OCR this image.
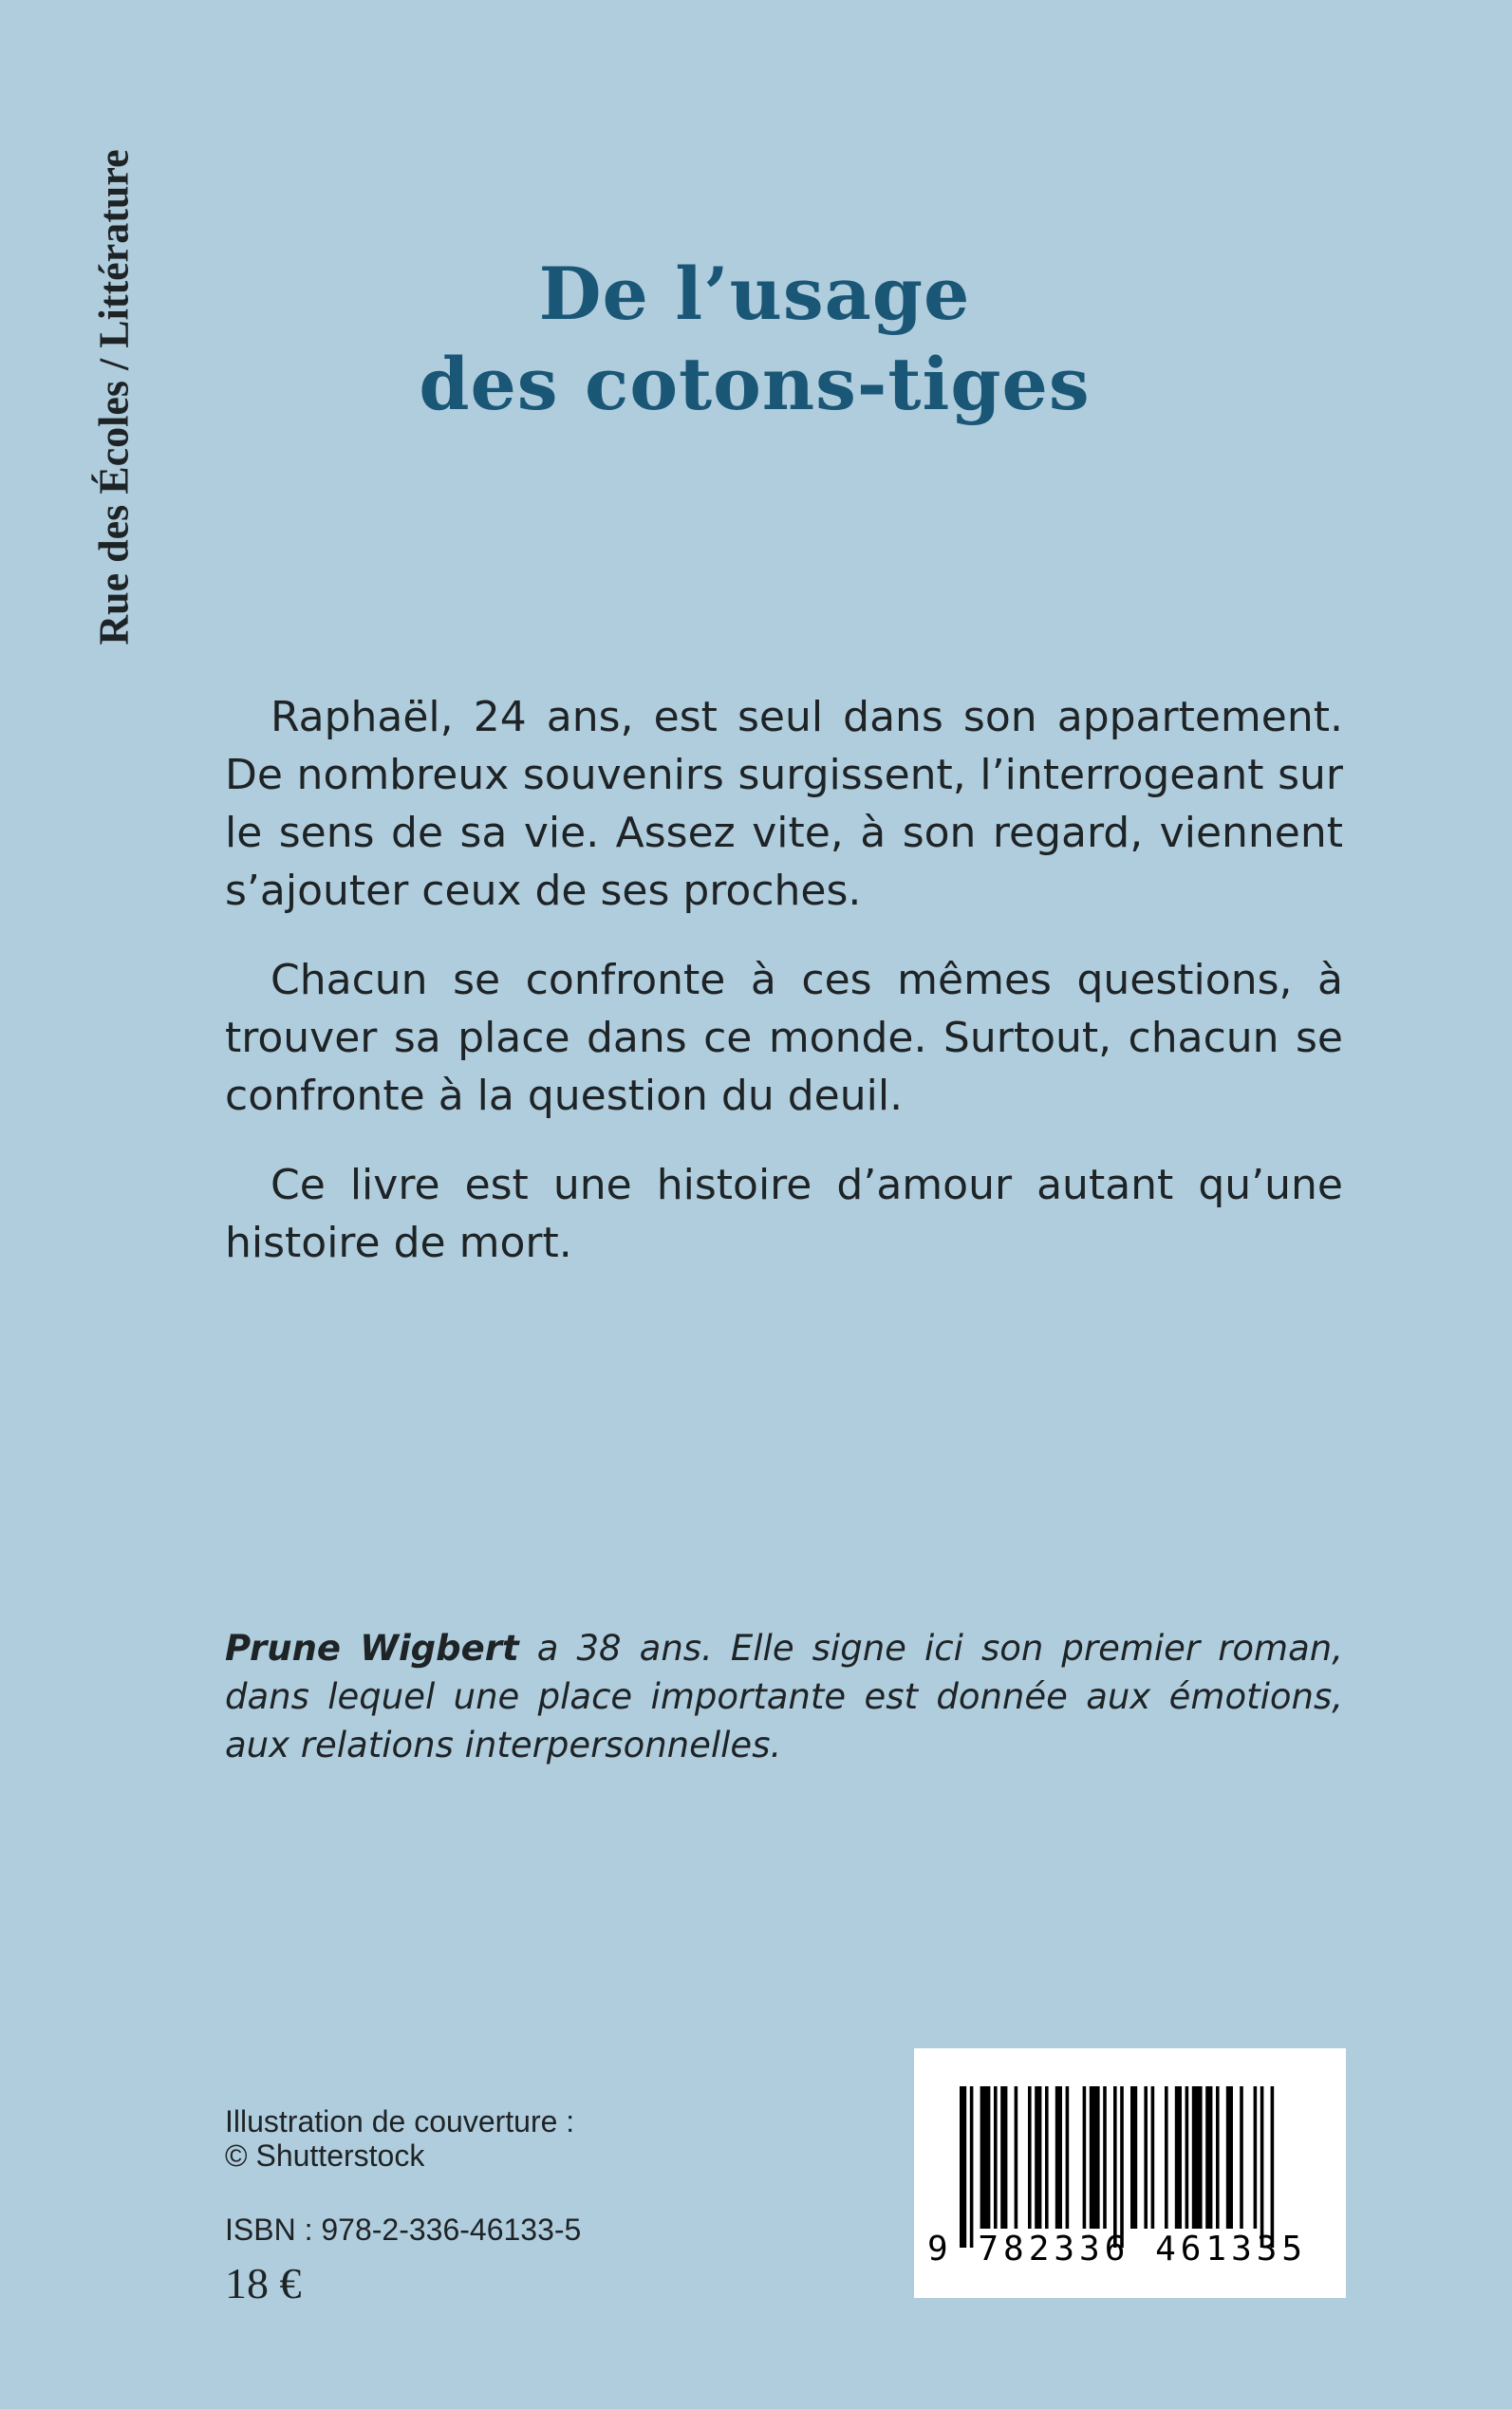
Rue des Écoles / Littérature	De l’usage
des cotons-tiges

Raphaël, 24 ans, est seul dans son appartement. De nombreux souvenirs surgissent, l’interrogeant sur le sens de sa vie. Assez vite, à son regard, viennent s’ajouter ceux de ses proches.

Chacun se confronte à ces mêmes questions, à trouver sa place dans ce monde. Surtout, chacun se confronte à la question du deuil.

Ce livre est une histoire d’amour autant qu’une histoire de mort.

Prune Wigbert a 38 ans. Elle signe ici son premier roman, dans lequel une place importante est donnée aux émotions, aux relations interpersonnelles.
Illustration de couverture :
© Shutterstock
ISBN : 978-2-336-46133-5
18 €
9 782336 461335
